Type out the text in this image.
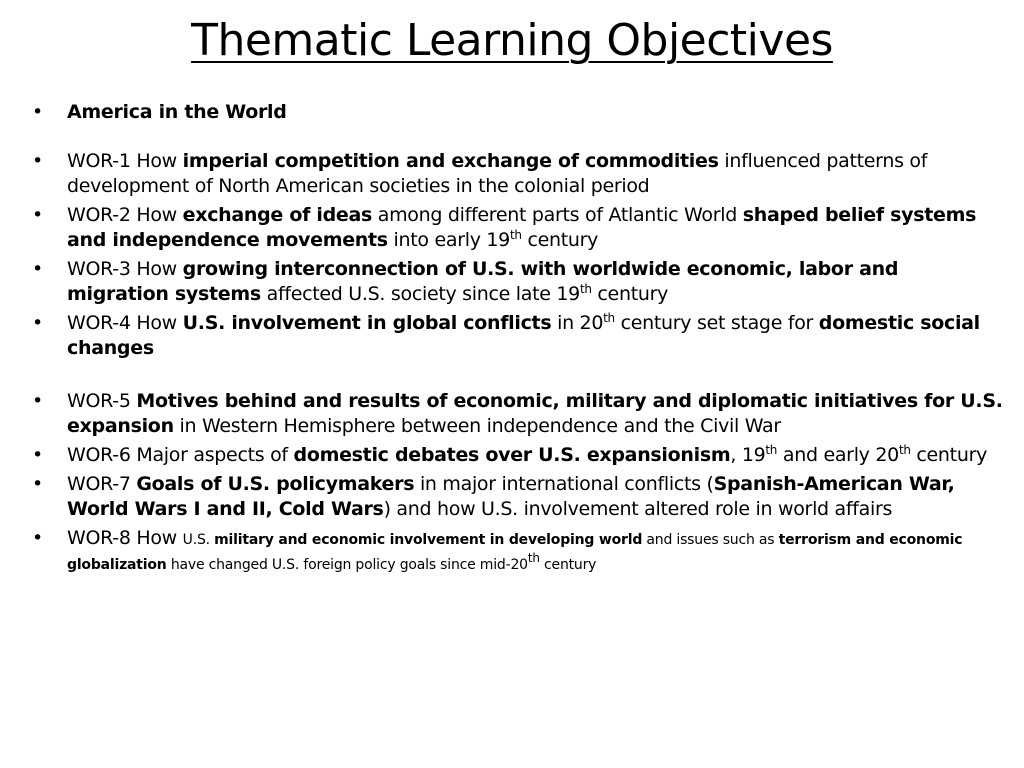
Thematic Learning Objectives
•	America in the World
•	WOR-1 How imperial competition and exchange of commodities influenced patterns of development of North American societies in the colonial period
•	WOR-2 How exchange of ideas among different parts of Atlantic World shaped belief systems and independence movements into early 19th century
•	WOR-3 How growing interconnection of U.S. with worldwide economic, labor and migration systems affected U.S. society since late 19th century
•	WOR-4 How U.S. involvement in global conflicts in 20th century set stage for domestic social changes
•	WOR-5 Motives behind and results of economic, military and diplomatic initiatives for U.S. expansion in Western Hemisphere between independence and the Civil War
•	WOR-6 Major aspects of domestic debates over U.S. expansionism, 19th and early 20th century
•	WOR-7 Goals of U.S. policymakers in major international conflicts (Spanish-American War, World Wars I and II, Cold Wars) and how U.S. involvement altered role in world affairs
•	WOR-8 How U.S. military and economic involvement in developing world and issues such as terrorism and economic globalization have changed U.S. foreign policy goals since mid-20th century
